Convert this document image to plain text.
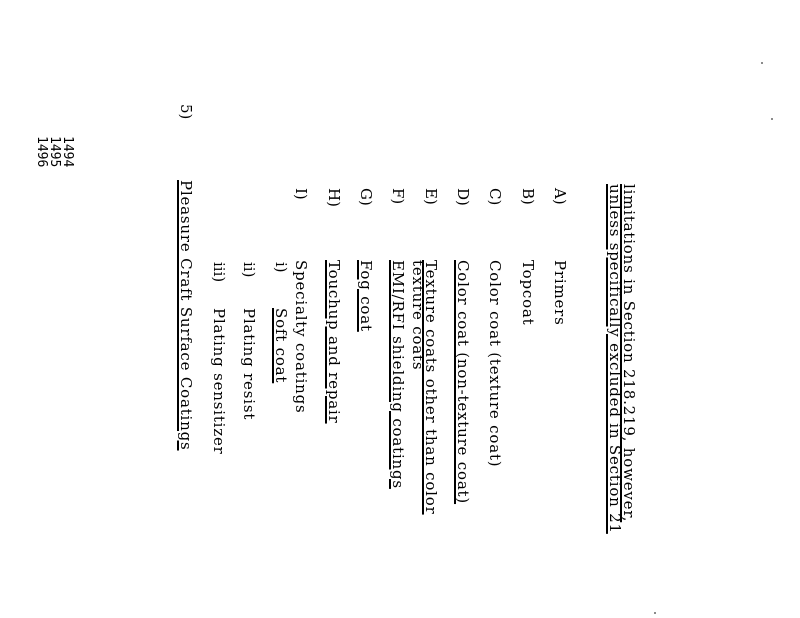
limitations in Section 218.219, however,
unless specifically excluded in Section 21
A)
Primers
B)
Topcoat
C)
Color coat (texture coat)
D)
Color coat (non-texture coat)
E)
Texture coats other than color
texture coats
F)
EMI/RFI shielding coatings
G)
Fog coat
H)
Touchup and repair
I)
Specialty coatings
i)
Soft coat
ii)
Plating resist
iii)
Plating sensitizer
5)
Pleasure Craft Surface Coatings
1494
1495
1496
